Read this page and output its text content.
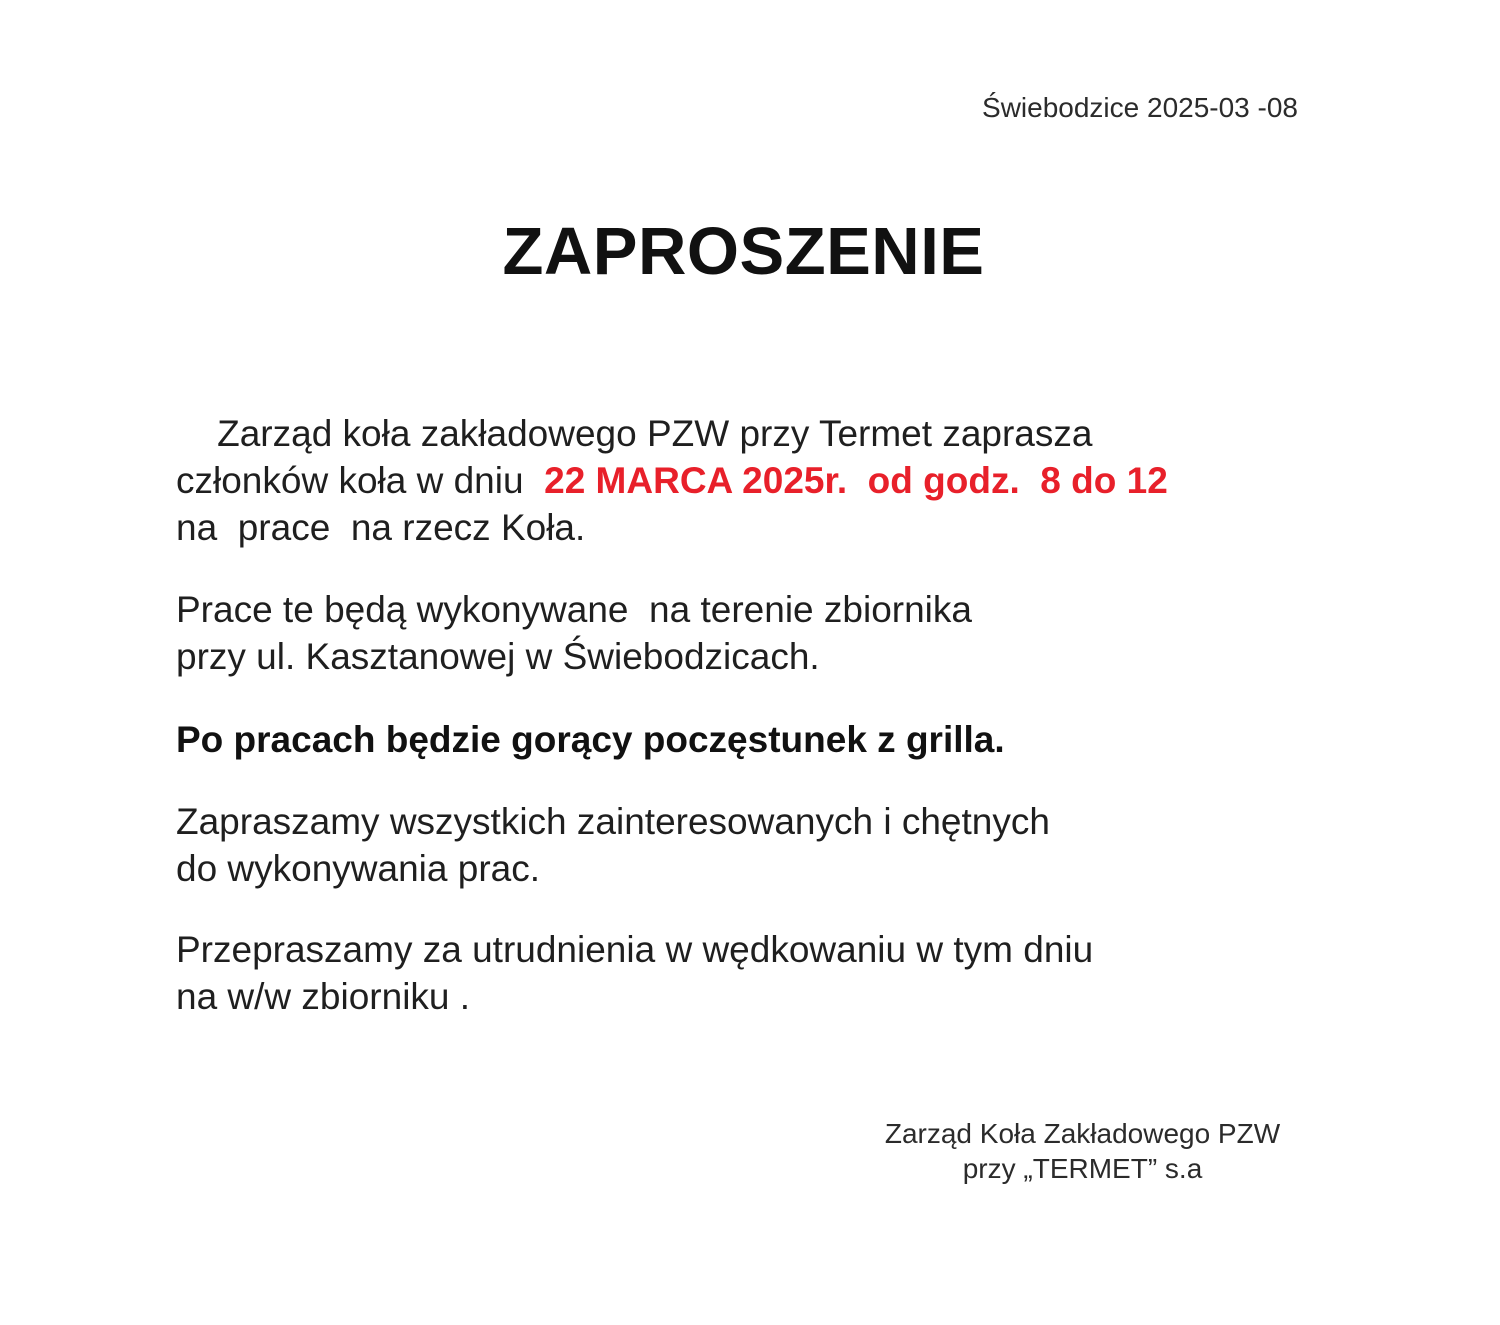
Świebodzice 2025-03 -08
ZAPROSZENIE
Zarząd koła zakładowego PZW przy Termet zaprasza
członków koła w dniu  22 MARCA 2025r.  od godz.  8 do 12
na  prace  na rzecz Koła.
Prace te będą wykonywane  na terenie zbiornika
przy ul. Kasztanowej w Świebodzicach.
Po pracach będzie gorący poczęstunek z grilla.
Zapraszamy wszystkich zainteresowanych i chętnych
do wykonywania prac.
Przepraszamy za utrudnienia w wędkowaniu w tym dniu
na w/w zbiorniku .
Zarząd Koła Zakładowego PZW
przy „TERMET” s.a
